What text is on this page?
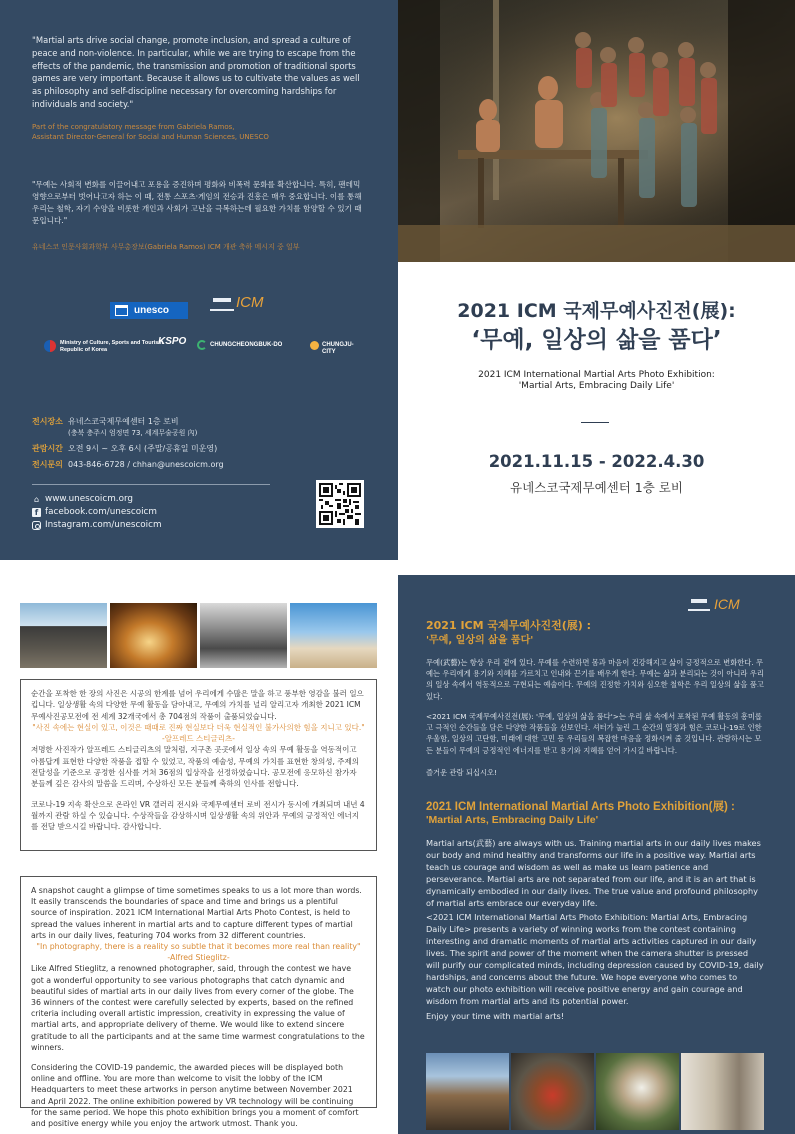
"Martial arts drive social change, promote inclusion, and spread a culture of peace and non-violence. In particular, while we are trying to escape from the effects of the pandemic, the transmission and promotion of traditional sports games are very important. Because it allows us to cultivate the values as well as philosophy and self-discipline necessary for overcoming hardships for individuals and society."

Part of the congratulatory message from Gabriela Ramos,
Assistant Director-General for Social and Human Sciences, UNESCO

"무예는 사회적 변화를 이끌어내고 포용을 증진하며 평화와 비폭력 문화를 확산합니다. 특히, 팬데믹 영향으로부터 벗어나고자 하는 이 때, 전통 스포츠·게임의 전승과 진흥은 매우 중요합니다. 이를 통해 우리는 철학, 자기 수양을 비롯한 개인과 사회가 고난을 극복하는데 필요한 가치를 함양할 수 있기 때문입니다."

유네스코 인문사회과학부 사무총장보(Gabriela Ramos) ICM 개관 축하 메시지 중 일부

unesco	ICM
Ministry of Culture, Sports and Tourism
Republic of Korea
KSPO	CHUNGCHEONGBUK-DO	CHUNGJU-CITY
전시장소 유네스코국제무예센터 1층 로비
(충북 충주시 엄정면 73, 세계무술공원 內)
관람시간 오전 9시 ~ 오후 6시 (주말/공휴일 미운영)
전시문의 043-846-6728 / chhan@unescoicm.org
⌂ www.unescoicm.org
f facebook.com/unescoicm
Instagram.com/unescoicm
2021 ICM 국제무예사진전(展):
‘무예, 일상의 삶을 품다’

2021 ICM International Martial Arts Photo Exhibition:

'Martial Arts, Embracing Daily Life'

2021.11.15 - 2022.4.30

유네스코국제무예센터 1층 로비

순간을 포착한 한 장의 사진은 시공의 한계를 넘어 우리에게 수많은 말을 하고 풍부한 영감을 불러 일으킵니다. 일상생활 속의 다양한 무예 활동을 담아내고, 무예의 가치를 널리 알리고자 개최한 2021 ICM 무예사진공모전에 전 세계 32개국에서 총 704점의 작품이 출품되었습니다.

"사진 속에는 현실이 있고, 이것은 때때로 진짜 현실보다 더욱 현실적인 불가사의한 힘을 지니고 있다."

-알프레드 스티글리츠-

저명한 사진작가 알프레드 스티글리츠의 말처럼, 지구촌 곳곳에서 일상 속의 무예 활동을 역동적이고 아름답게 표현한 다양한 작품을 접할 수 있었고, 작품의 예술성, 무예의 가치를 표현한 창의성, 주제의 전달성을 기준으로 공정한 심사를 거쳐 36점의 입상작을 선정하였습니다. 공모전에 응모하신 참가자 분들께 깊은 감사의 말씀을 드리며, 수상하신 모든 분들께 축하의 인사를 전합니다.

코로나-19 지속 확산으로 온라인 VR 갤러리 전시와 국제무예센터 로비 전시가 동시에 개최되며 내년 4월까지 관람 하실 수 있습니다. 수상작들을 감상하시며 일상생활 속의 위안과 무예의 긍정적인 에너지를 전달 받으시길 바랍니다. 감사합니다.

A snapshot caught a glimpse of time sometimes speaks to us a lot more than words. It easily transcends the boundaries of space and time and brings us a plentiful source of inspiration. 2021 ICM International Martial Arts Photo Contest, is held to spread the values inherent in martial arts and to capture different types of martial arts in our daily lives, featuring 704 works from 32 different countries.

"In photography, there is a reality so subtle that it becomes more real than reality"

-Alfred Stieglitz-

Like Alfred Stieglitz, a renowned photographer, said, through the contest we have got a wonderful opportunity to see various photographs that catch dynamic and beautiful sides of martial arts in our daily lives from every corner of the globe. The 36 winners of the contest were carefully selected by experts, based on the refined criteria including overall artistic impression, creativity in expressing the value of martial arts, and appropriate delivery of theme. We would like to extend sincere gratitude to all the participants and at the same time warmest congratulations to the winners.

Considering the COVID-19 pandemic, the awarded pieces will be displayed both online and offline. You are more than welcome to visit the lobby of the ICM Headquarters to meet these artworks in person anytime between November 2021 and April 2022. The online exhibition powered by VR technology will be continuing for the same period. We hope this photo exhibition brings you a moment of comfort and positive energy while you enjoy the artwork utmost. Thank you.

ICM
2021 ICM 국제무예사진전(展) :
'무예, 일상의 삶을 품다'

무예(武藝)는 항상 우리 곁에 있다. 무예를 수련하면 몸과 마음이 건강해지고 삶이 긍정적으로 변화한다. 무예는 우리에게 용기와 지혜를 가르치고 인내와 끈기를 배우게 한다. 무예는 삶과 분리되는 것이 아니라 우리의 일상 속에서 역동적으로 구현되는 예술이다. 무예의 진정한 가치와 심오한 철학은 우리 일상의 삶을 품고 있다.

<2021 ICM 국제무예사진전(展): '무예, 일상의 삶을 품다'>는 우리 삶 속에서 포착된 무예 활동의 흥미롭고 극적인 순간들을 담은 다양한 작품들을 선보인다. 셔터가 눌린 그 순간의 열정과 힘은 코로나-19로 인한 우울함, 일상의 고단함, 미래에 대한 고민 등 우리들의 복잡한 마음을 정화시켜 줄 것입니다. 관람하시는 모든 분들이 무예의 긍정적인 에너지를 받고 용기와 지혜를 얻어 가시길 바랍니다.

즐거운 관람 되십시오!

2021 ICM International Martial Arts Photo Exhibition(展) :
'Martial Arts, Embracing Daily Life'

Martial arts(武藝) are always with us. Training martial arts in our daily lives makes our body and mind healthy and transforms our life in a positive way. Martial arts teach us courage and wisdom as well as make us learn patience and perseverance. Martial arts are not separated from our life, and it is an art that is dynamically embodied in our daily lives. The true value and profound philosophy of martial arts embrace our everyday life.

<2021 ICM International Martial Arts Photo Exhibition: Martial Arts, Embracing Daily Life> presents a variety of winning works from the contest containing interesting and dramatic moments of martial arts activities captured in our daily lives. The spirit and power of the moment when the camera shutter is pressed will purify our complicated minds, including depression caused by COVID-19, daily hardships, and concerns about the future. We hope everyone who comes to watch our photo exhibition will receive positive energy and gain courage and wisdom from martial arts and its potential power.

Enjoy your time with martial arts!
